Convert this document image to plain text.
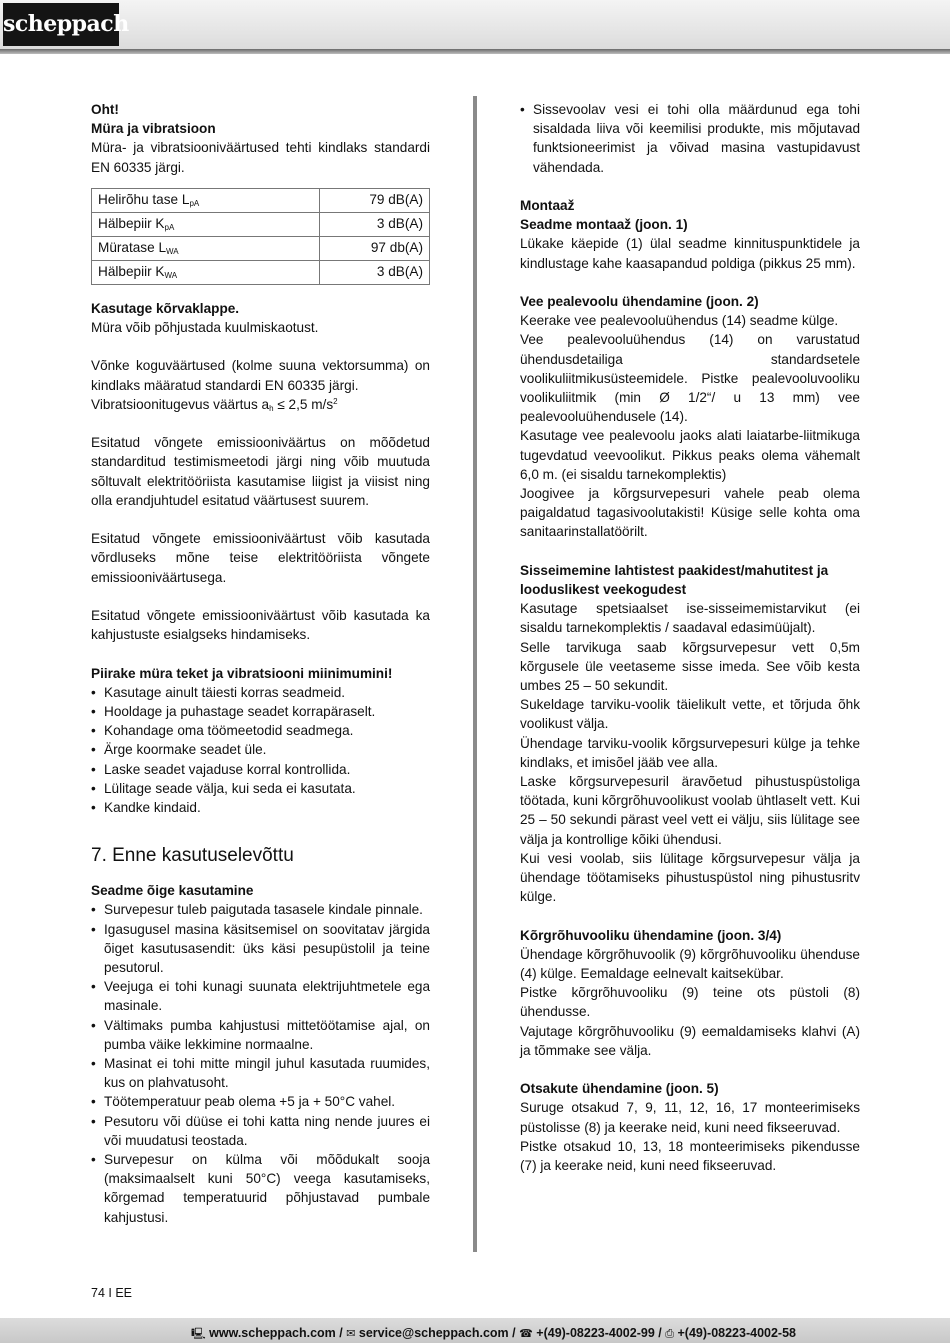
scheppach

Oht!

Müra ja vibratsioon

Müra- ja vibratsiooniväärtused tehti kindlaks standardi EN 60335 järgi.

Helirõhu tase $L_{pA}$	79 dB(A)
Hälbepiir $K_{pA}$	3 dB(A)
Müratase $L_{WA}$	97 db(A)
Hälbepiir $K_{WA}$	3 dB(A)

Kasutage kõrvaklappe.

Müra võib põhjustada kuulmiskaotust.

Võnke koguväärtused (kolme suuna vektorsumma) on kindlaks määratud standardi EN 60335 järgi.

Vibratsioonitugevus väärtus $a_h \le 2,5$ $m/s^2$

Esitatud võngete emissiooniväärtus on mõõdetud standarditud testimismeetodi järgi ning võib muutuda sõltuvalt elektritööriista kasutamise liigist ja viisist ning olla erandjuhtudel esitatud väärtusest suurem.

Esitatud võngete emissiooniväärtust võib kasutada võrdluseks mõne teise elektritööriista võngete emissiooniväärtusega.

Esitatud võngete emissiooniväärtust võib kasutada ka kahjustuste esialgseks hindamiseks.

Piirake müra teket ja vibratsiooni miinimumini!

• Kasutage ainult täiesti korras seadmeid.
• Hooldage ja puhastage seadet korrapäraselt.
• Kohandage oma töömeetodid seadmega.
• Ärge koormake seadet üle.
• Laske seadet vajaduse korral kontrollida.
• Lülitage seade välja, kui seda ei kasutata.
• Kandke kindaid.
7. Enne kasutuselevõttu

Seadme õige kasutamine

• Survepesur tuleb paigutada tasasele kindale pinnale.
• Igasugusel masina käsitsemisel on soovitatav järgida õiget kasutusasendit: üks käsi pesupüstolil ja teine pesutorul.
• Veejuga ei tohi kunagi suunata elektrijuhtmetele ega masinale.
• Vältimaks pumba kahjustusi mittetöötamise ajal, on pumba väike lekkimine normaalne.
• Masinat ei tohi mitte mingil juhul kasutada ruumides, kus on plahvatusoht.
• Töötemperatuur peab olema +5 ja + 50°C vahel.
• Pesutoru või düüse ei tohi katta ning nende juures ei või muudatusi teostada.
• Survepesur on külma või mõõdukalt sooja (maksimaalselt kuni 50°C) veega kasutamiseks, kõrgemad temperatuurid põhjustavad pumbale kahjustusi.
• Sissevoolav vesi ei tohi olla määrdunud ega tohi sisaldada liiva või keemilisi produkte, mis mõjutavad funktsioneerimist ja võivad masina vastupidavust vähendada.

Montaaž

Seadme montaaž (joon. 1)

Lükake käepide (1) ülal seadme kinnituspunktidele ja kindlustage kahe kaasapandud poldiga (pikkus 25 mm).

Vee pealevoolu ühendamine (joon. 2)

Keerake vee pealevooluühendus (14) seadme külge.

Vee pealevooluühendus (14) on varustatud ühendusdetailiga standardsetele voolikuliitmikusüsteemidele. Pistke pealevooluvooliku voolikuliitmik (min Ø 1/2“/ u 13 mm) vee pealevooluühendusele (14).

Kasutage vee pealevoolu jaoks alati laiatarbe-liitmikuga tugevdatud veevoolikut. Pikkus peaks olema vähemalt 6,0 m. (ei sisaldu tarnekomplektis)

Joogivee ja kõrgsurvepesuri vahele peab olema paigaldatud tagasivoolutakisti! Küsige selle kohta oma sanitaarinstallatöörilt.

Sisseimemine lahtistest paakidest/mahutitest ja looduslikest veekogudest

Kasutage spetsiaalset ise-sisseimemistarvikut (ei sisaldu tarnekomplektis / saadaval edasimüüjalt).

Selle tarvikuga saab kõrgsurvepesur vett 0,5m kõrgusele üle veetaseme sisse imeda. See võib kesta umbes 25 – 50 sekundit.

Sukeldage tarviku-voolik täielikult vette, et tõrjuda õhk voolikust välja.

Ühendage tarviku-voolik kõrgsurvepesuri külge ja tehke kindlaks, et imisõel jääb vee alla.

Laske kõrgsurvepesuril äravõetud pihustuspüstoliga töötada, kuni kõrgrõhuvoolikust voolab ühtlaselt vett. Kui 25 – 50 sekundi pärast veel vett ei välju, siis lülitage see välja ja kontrollige kõiki ühendusi.

Kui vesi voolab, siis lülitage kõrgsurvepesur välja ja ühendage töötamiseks pihustuspüstol ning pihustusritv külge.

Kõrgrõhuvooliku ühendamine (joon. 3/4)

Ühendage kõrgrõhuvoolik (9) kõrgrõhuvooliku ühenduse (4) külge. Eemaldage eelnevalt kaitsekübar.

Pistke kõrgrõhuvooliku (9) teine ots püstoli (8) ühendusse.

Vajutage kõrgrõhuvooliku (9) eemaldamiseks klahvi (A) ja tõmmake see välja.

Otsakute ühendamine (joon. 5)

Suruge otsakud 7, 9, 11, 12, 16, 17 monteerimiseks püstolisse (8) ja keerake neid, kuni need fikseeruvad.

Pistke otsakud 10, 13, 18 monteerimiseks pikendusse (7) ja keerake neid, kuni need fikseeruvad.

74 I EE
🖳 www.scheppach.com / ✉ service@scheppach.com / ☎ +(49)-08223-4002-99 / ⎙ +(49)-08223-4002-58
